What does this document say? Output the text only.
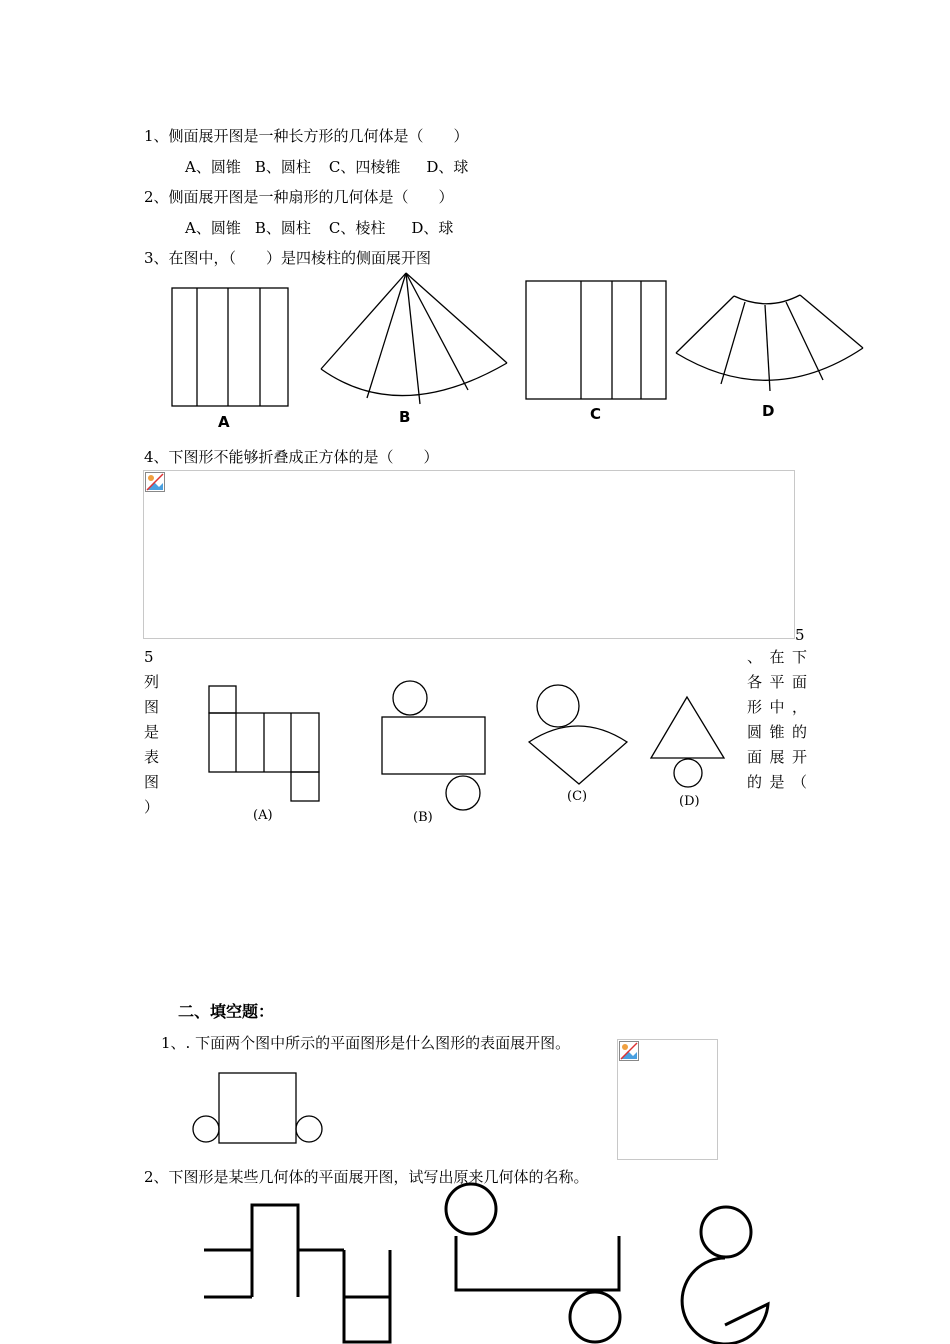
1、侧面展开图是一种长方形的几何体是（　　）
A、圆锥 B、圆柱 C、四棱锥 D、球
2、侧面展开图是一种扇形的几何体是（　　）
A、圆锥 B、圆柱 C、棱柱 D、球
3、在图中，（　　）是四棱柱的侧面展开图
A	B	C	D
4、下图形不能够折叠成正方体的是（　　）
5
5
列
图
是
表
图
）
、在下
各平面
形中，
圆锥的
面展开
的是（
(A)	(B)
(C)	(D)
二、填空题：
1、. 下面两个图中所示的平面图形是什么图形的表面展开图。
2、下图形是某些几何体的平面展开图，试写出原来几何体的名称。
